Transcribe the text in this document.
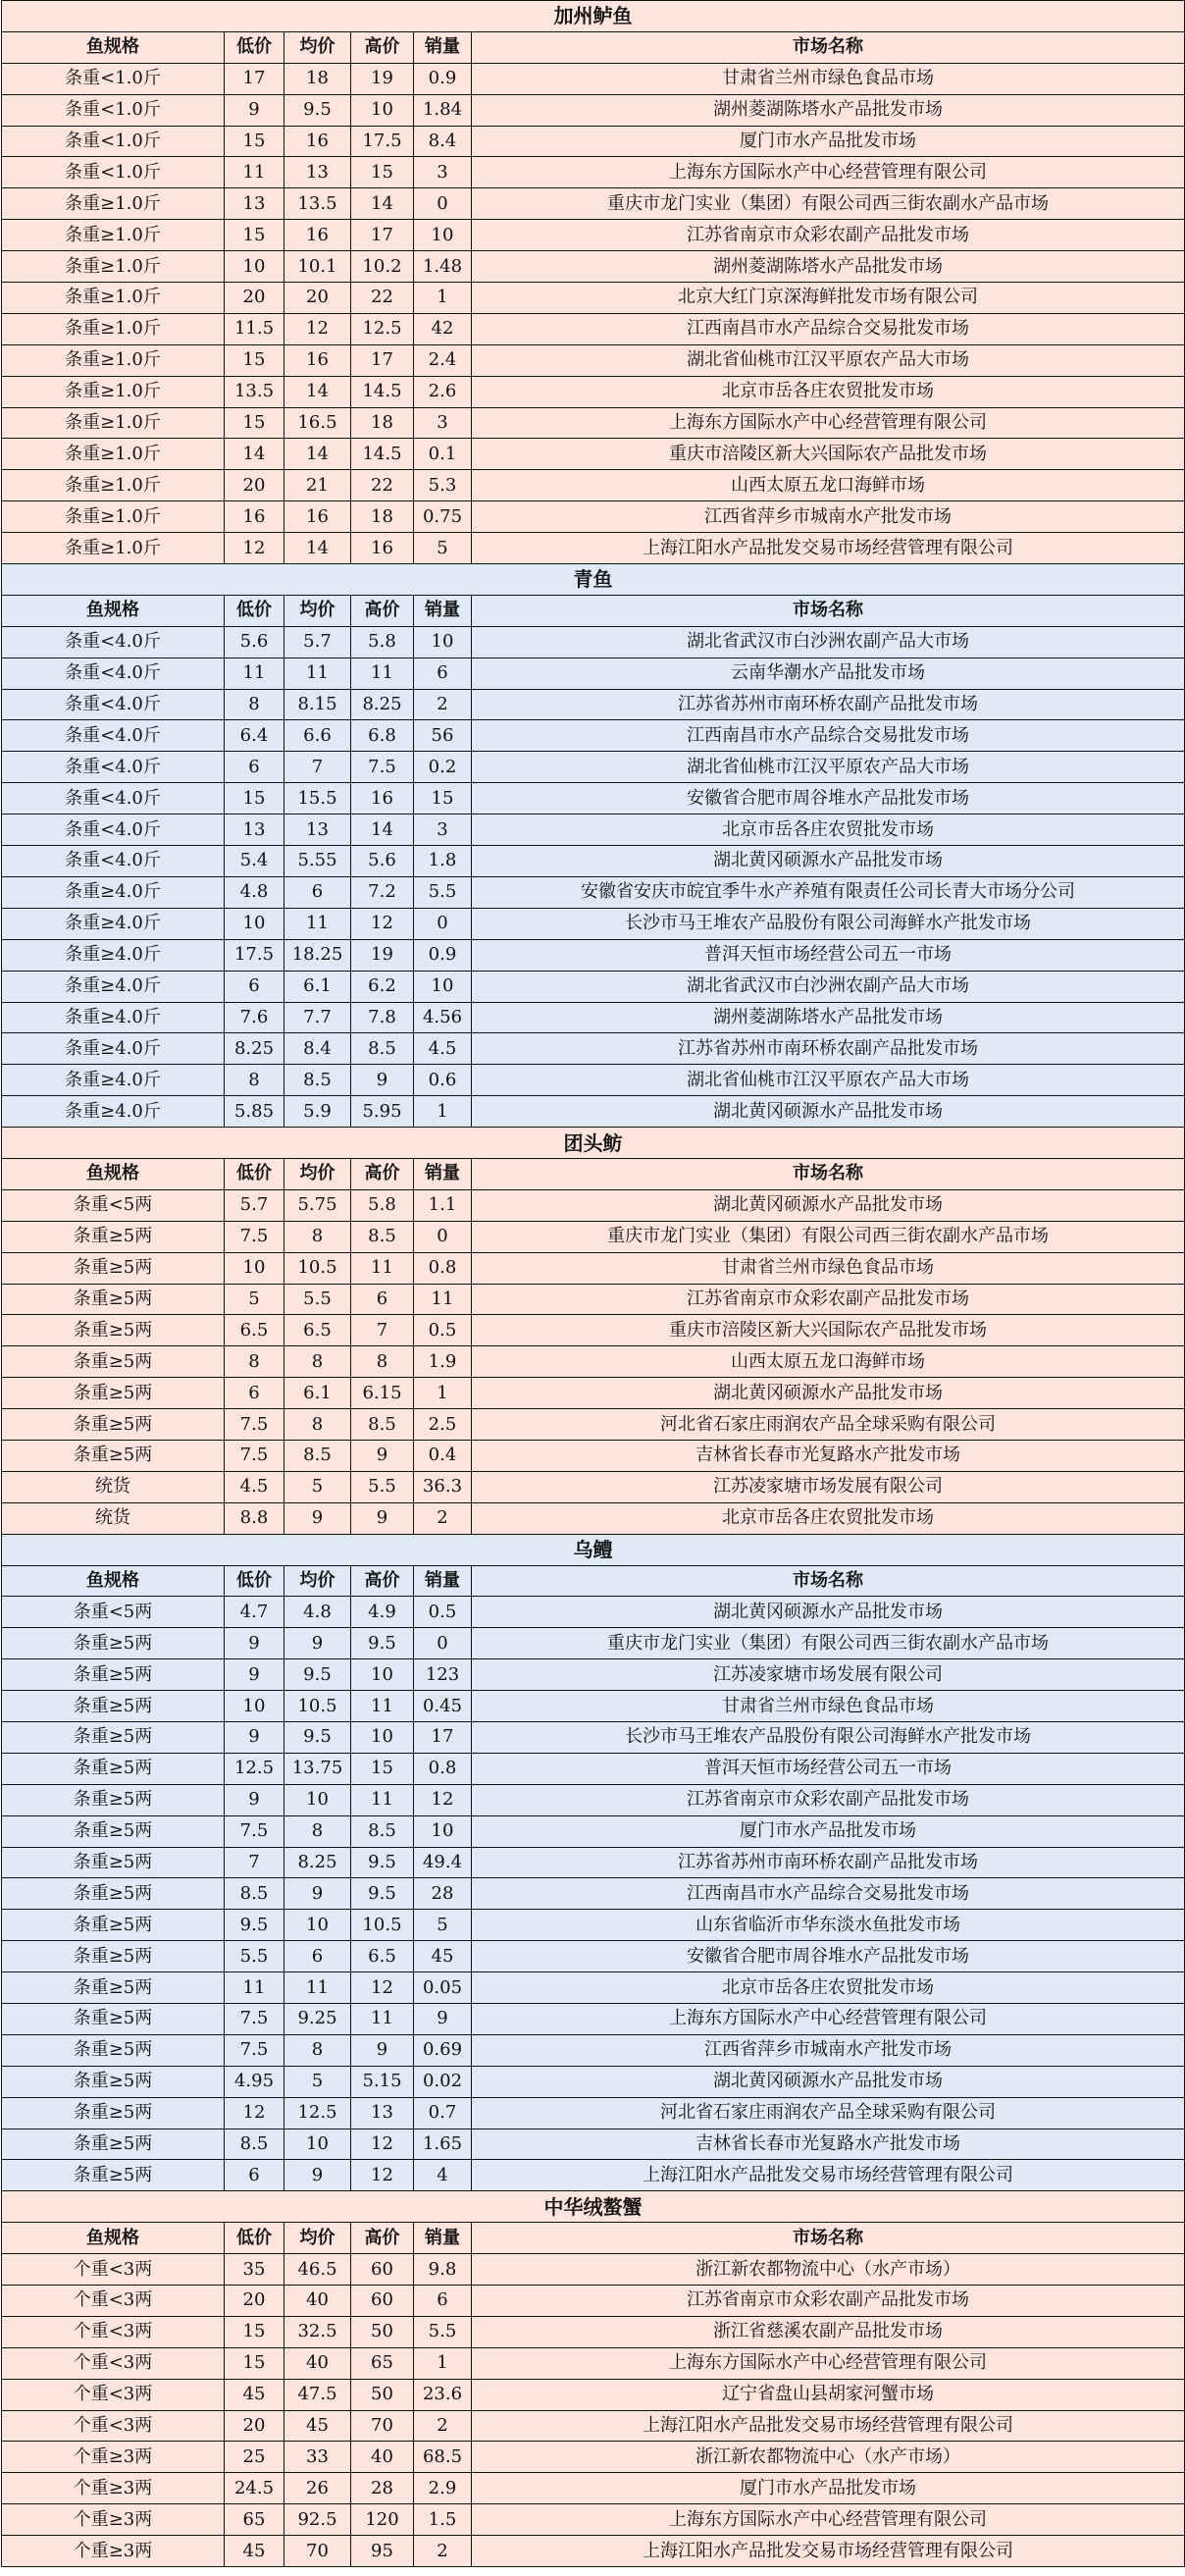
加州鲈鱼					
鱼规格	低价	均价	高价	销量	市场名称
条重<1.0斤	17	18	19	0.9	甘肃省兰州市绿色食品市场
条重<1.0斤	9	9.5	10	1.84	湖州菱湖陈塔水产品批发市场
条重<1.0斤	15	16	17.5	8.4	厦门市水产品批发市场
条重<1.0斤	11	13	15	3	上海东方国际水产中心经营管理有限公司
条重≥1.0斤	13	13.5	14	0	重庆市龙门实业（集团）有限公司西三街农副水产品市场
条重≥1.0斤	15	16	17	10	江苏省南京市众彩农副产品批发市场
条重≥1.0斤	10	10.1	10.2	1.48	湖州菱湖陈塔水产品批发市场
条重≥1.0斤	20	20	22	1	北京大红门京深海鲜批发市场有限公司
条重≥1.0斤	11.5	12	12.5	42	江西南昌市水产品综合交易批发市场
条重≥1.0斤	15	16	17	2.4	湖北省仙桃市江汉平原农产品大市场
条重≥1.0斤	13.5	14	14.5	2.6	北京市岳各庄农贸批发市场
条重≥1.0斤	15	16.5	18	3	上海东方国际水产中心经营管理有限公司
条重≥1.0斤	14	14	14.5	0.1	重庆市涪陵区新大兴国际农产品批发市场
条重≥1.0斤	20	21	22	5.3	山西太原五龙口海鲜市场
条重≥1.0斤	16	16	18	0.75	江西省萍乡市城南水产批发市场
条重≥1.0斤	12	14	16	5	上海江阳水产品批发交易市场经营管理有限公司
青鱼					
鱼规格	低价	均价	高价	销量	市场名称
条重<4.0斤	5.6	5.7	5.8	10	湖北省武汉市白沙洲农副产品大市场
条重<4.0斤	11	11	11	6	云南华潮水产品批发市场
条重<4.0斤	8	8.15	8.25	2	江苏省苏州市南环桥农副产品批发市场
条重<4.0斤	6.4	6.6	6.8	56	江西南昌市水产品综合交易批发市场
条重<4.0斤	6	7	7.5	0.2	湖北省仙桃市江汉平原农产品大市场
条重<4.0斤	15	15.5	16	15	安徽省合肥市周谷堆水产品批发市场
条重<4.0斤	13	13	14	3	北京市岳各庄农贸批发市场
条重<4.0斤	5.4	5.55	5.6	1.8	湖北黄冈硕源水产品批发市场
条重≥4.0斤	4.8	6	7.2	5.5	安徽省安庆市皖宜季牛水产养殖有限责任公司长青大市场分公司
条重≥4.0斤	10	11	12	0	长沙市马王堆农产品股份有限公司海鲜水产批发市场
条重≥4.0斤	17.5	18.25	19	0.9	普洱天恒市场经营公司五一市场
条重≥4.0斤	6	6.1	6.2	10	湖北省武汉市白沙洲农副产品大市场
条重≥4.0斤	7.6	7.7	7.8	4.56	湖州菱湖陈塔水产品批发市场
条重≥4.0斤	8.25	8.4	8.5	4.5	江苏省苏州市南环桥农副产品批发市场
条重≥4.0斤	8	8.5	9	0.6	湖北省仙桃市江汉平原农产品大市场
条重≥4.0斤	5.85	5.9	5.95	1	湖北黄冈硕源水产品批发市场
团头鲂					
鱼规格	低价	均价	高价	销量	市场名称
条重<5两	5.7	5.75	5.8	1.1	湖北黄冈硕源水产品批发市场
条重≥5两	7.5	8	8.5	0	重庆市龙门实业（集团）有限公司西三街农副水产品市场
条重≥5两	10	10.5	11	0.8	甘肃省兰州市绿色食品市场
条重≥5两	5	5.5	6	11	江苏省南京市众彩农副产品批发市场
条重≥5两	6.5	6.5	7	0.5	重庆市涪陵区新大兴国际农产品批发市场
条重≥5两	8	8	8	1.9	山西太原五龙口海鲜市场
条重≥5两	6	6.1	6.15	1	湖北黄冈硕源水产品批发市场
条重≥5两	7.5	8	8.5	2.5	河北省石家庄雨润农产品全球采购有限公司
条重≥5两	7.5	8.5	9	0.4	吉林省长春市光复路水产批发市场
统货	4.5	5	5.5	36.3	江苏凌家塘市场发展有限公司
统货	8.8	9	9	2	北京市岳各庄农贸批发市场
乌鳢					
鱼规格	低价	均价	高价	销量	市场名称
条重<5两	4.7	4.8	4.9	0.5	湖北黄冈硕源水产品批发市场
条重≥5两	9	9	9.5	0	重庆市龙门实业（集团）有限公司西三街农副水产品市场
条重≥5两	9	9.5	10	123	江苏凌家塘市场发展有限公司
条重≥5两	10	10.5	11	0.45	甘肃省兰州市绿色食品市场
条重≥5两	9	9.5	10	17	长沙市马王堆农产品股份有限公司海鲜水产批发市场
条重≥5两	12.5	13.75	15	0.8	普洱天恒市场经营公司五一市场
条重≥5两	9	10	11	12	江苏省南京市众彩农副产品批发市场
条重≥5两	7.5	8	8.5	10	厦门市水产品批发市场
条重≥5两	7	8.25	9.5	49.4	江苏省苏州市南环桥农副产品批发市场
条重≥5两	8.5	9	9.5	28	江西南昌市水产品综合交易批发市场
条重≥5两	9.5	10	10.5	5	山东省临沂市华东淡水鱼批发市场
条重≥5两	5.5	6	6.5	45	安徽省合肥市周谷堆水产品批发市场
条重≥5两	11	11	12	0.05	北京市岳各庄农贸批发市场
条重≥5两	7.5	9.25	11	9	上海东方国际水产中心经营管理有限公司
条重≥5两	7.5	8	9	0.69	江西省萍乡市城南水产批发市场
条重≥5两	4.95	5	5.15	0.02	湖北黄冈硕源水产品批发市场
条重≥5两	12	12.5	13	0.7	河北省石家庄雨润农产品全球采购有限公司
条重≥5两	8.5	10	12	1.65	吉林省长春市光复路水产批发市场
条重≥5两	6	9	12	4	上海江阳水产品批发交易市场经营管理有限公司
中华绒螯蟹					
鱼规格	低价	均价	高价	销量	市场名称
个重<3两	35	46.5	60	9.8	浙江新农都物流中心（水产市场）
个重<3两	20	40	60	6	江苏省南京市众彩农副产品批发市场
个重<3两	15	32.5	50	5.5	浙江省慈溪农副产品批发市场
个重<3两	15	40	65	1	上海东方国际水产中心经营管理有限公司
个重<3两	45	47.5	50	23.6	辽宁省盘山县胡家河蟹市场
个重<3两	20	45	70	2	上海江阳水产品批发交易市场经营管理有限公司
个重≥3两	25	33	40	68.5	浙江新农都物流中心（水产市场）
个重≥3两	24.5	26	28	2.9	厦门市水产品批发市场
个重≥3两	65	92.5	120	1.5	上海东方国际水产中心经营管理有限公司
个重≥3两	45	70	95	2	上海江阳水产品批发交易市场经营管理有限公司
